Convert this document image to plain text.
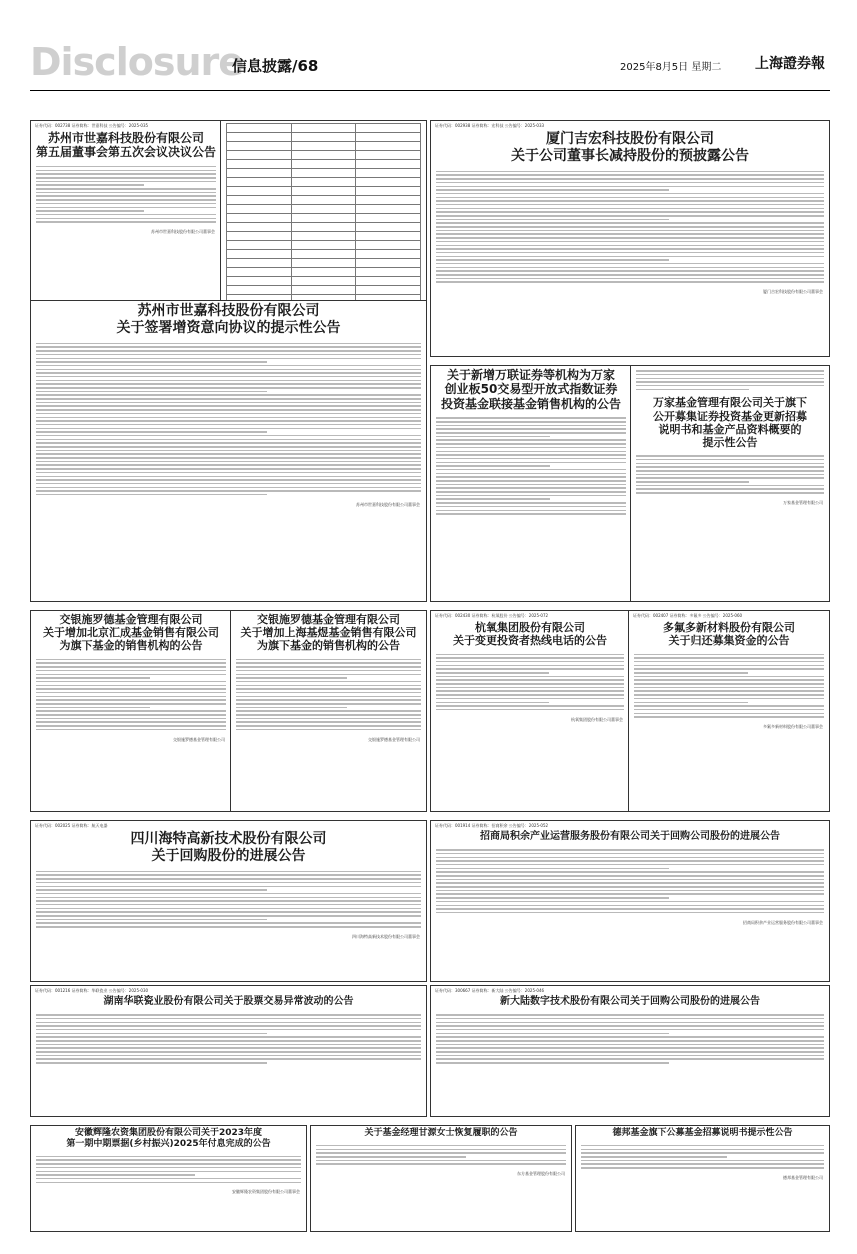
Disclosure
信息披露/68	2025年8月5日 星期二 上海證券報
证券代码：002738 证券简称：世嘉科技 公告编号：2025-035
苏州市世嘉科技股份有限公司
第五届董事会第五次会议决议公告
苏州市世嘉科技股份有限公司董事会

苏州市世嘉科技股份有限公司
关于签署增资意向协议的提示性公告
苏州市世嘉科技股份有限公司董事会
证券代码：002938 证券简称：宏科技 公告编号：2025-033
厦门吉宏科技股份有限公司
关于公司董事长减持股份的预披露公告
厦门吉宏科技股份有限公司董事会
关于新增万联证券等机构为万家
创业板50交易型开放式指数证券
投资基金联接基金销售机构的公告	万家基金管理有限公司关于旗下
公开募集证券投资基金更新招募
说明书和基金产品资料概要的
提示性公告
万家基金管理有限公司
交银施罗德基金管理有限公司
关于增加北京汇成基金销售有限公司
为旗下基金的销售机构的公告
交银施罗德基金管理有限公司
交银施罗德基金管理有限公司
关于增加上海基煜基金销售有限公司
为旗下基金的销售机构的公告
交银施罗德基金管理有限公司
证券代码：002430 证券简称：杭氧股份 公告编号：2025-072
杭氧集团股份有限公司
关于变更投资者热线电话的公告
杭氧集团股份有限公司董事会
证券代码：002407 证券简称：多氟多 公告编号：2025-060
多氟多新材料股份有限公司
关于归还募集资金的公告
多氟多新材料股份有限公司董事会
证券代码：002025 证券简称：航天电器
四川海特高新技术股份有限公司
关于回购股份的进展公告
四川海特高新技术股份有限公司董事会
证券代码：001914 证券简称：招商积余 公告编号：2025-052
招商局积余产业运营服务股份有限公司关于回购公司股份的进展公告
招商局积余产业运营服务股份有限公司董事会
证券代码：001216 证券简称：华联瓷业 公告编号：2025-030
湖南华联瓷业股份有限公司关于股票交易异常波动的公告
证券代码：300667 证券简称：新大陆 公告编号：2025-046
新大陆数字技术股份有限公司关于回购公司股份的进展公告
安徽辉隆农资集团股份有限公司关于2023年度
第一期中期票据(乡村振兴)2025年付息完成的公告
安徽辉隆农资集团股份有限公司董事会
关于基金经理甘源女士恢复履职的公告
东方基金管理股份有限公司
德邦基金旗下公募基金招募说明书提示性公告
德邦基金管理有限公司
